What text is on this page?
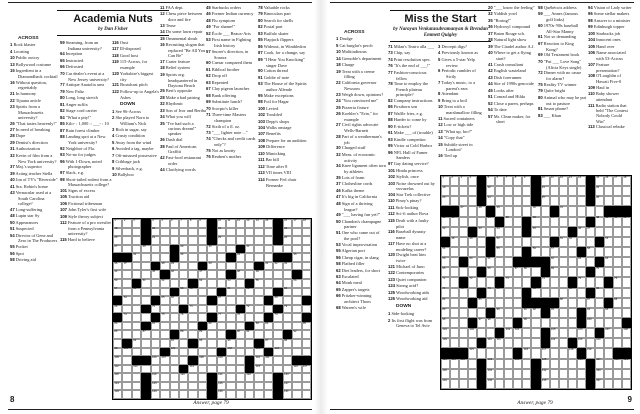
Academia Nuts
by Dan Fisher
ACROSS
1 Rock blaster
4 Locating
10 Public outcry
13 Bollywood costume
15 Ingredient in a Diamondback cocktail
16 Without question, regrettably
21 In harmony
22 Tijuana article
23 Spirits from a Massachusetts university?
26 "That tastes heavenly!"
27 In need of breaking
28 Dope
29 Dentist's direction
31 Authorization
32 Kevin of film from a New York university?
37 Maj.'s superior
39 Acting teacher Stella
40 Jon of TV's "Riverside"
41 Sra. Robin's home
43 Vernacular used at a South Carolina college?
47 Long-suffering
48 Lupin star Sy
50 Appearances
51 Suspected
54 Director of Gene and Zero in The Producers
55 Pocket
56 Spot
58 Driving aid
59 Steaming, from an Indiana university?
64 Inception
65 Instructed
66 Defrosted
70 Car dealer's event at a New Jersey university?
77 Antique Anatolia area
79 New Paltz
80 Long, long stretch
81 Anger suffix
82 Stage cord carrier
84 "What a pity!"
85 Kilo- : 1,000 :: ___- : 10
87 Rain forest climber
88 Landing spot at a New York university?
92 Neighbor of Fla.
93 No-no for judges
96 With 1-Down, noted photographer
97 Slack, e.g.
98 Short-tailed rodent from a Massachusetts college?
101 Signs of excess
105 Traction aid
106 Fictional tribesman
107 John Tyler's first wife
109 Style theory subject
112 Feature of a pro wrestler from a Pennsylvania university?
115 Hard to believe
116 Oust
117 Ill-disposed
118 Good host
119 115-Across, for example
120 Yorkshire's biggest city
121 Broadcast pitch
122 Follow-up to Angela's Ashes
DOWN
1 See 96-Across
2 She played Nora to William's Nick
3 Rich in sugar, say
4 Crusty condition
5 Away from the wind
6 Avoided a tag, maybe
7 Oft-misused possessive
8 Cribbage jack
9 Silverback, e.g.
10 Ballyhoo
11 FAA dept.
12 Chess piece between door and fire
13 Tease
14 Do some lawn repair
15 Ornamental shrub
16 Recruiting slogan that replaced "Be All You Can Be"
17 Crater feature
18 Belief system
19 Sports org. headquartered in Daytona Beach
25 Best's opposite
28 Make a bad pairing
32 Rhythmic
33 Son of Ivor and Bertha
34 What you will
35 "I've had such a curious dream!" speaker
36 Dash dial
38 Paul of American Graffiti
42 Fast-food restaurant order
44 Clarifying words
45 Starbucks orders
46 Former Indian currency
48 Flu symptom
49 "For shame!"
52 École ___ Beaux-Arts
53 First name in Fighting Irish history
57 Snorer's direction, in Sonora
60 Caesar compared them
61 Biblical brother
62 Drop off
63 Repeated
67 Clay pigeon launcher
68 Bank offering
69 Substitute lunch?
70 Scorpio's killer
71 Three-time Masters champion
72 Sixth of a fl. oz.
73 "___ lighter note ..."
74 "Checks and credit cards only"?
75 Not as knotty
76 Reuben's mother
78 Valuable rocks
79 Binoculars part
80 Search for shells
82 Postal part
83 Buffalo skater
85 Flapjack flippers
86 Wideout, in Wimbledon
87 Cook, for a change, say
89 "I Hear You Knocking" singer Dave
90 Cotton thread
91 Goldie of note
93 The House of the Spirits author Allende
95 Make exceptions
98 Foil for Hagar
100 Levied
102 Troubled
103 Depp's shops
104 Walks onstage
107 Benefits
108 Prepare for an audition
109 Difference
110 Mimicking
111 Bar bill
112 Time after 8
113 VII times VIII
114 Former Fed chair Bernanke
1	2	3	4	5	6	7	8	9	10 11 12 13 14 15	16 17 18
19	20	21	22
23	24	25	26
27	28	29	30	31
32	33	34	35
36 37	38 39	40	41 42 43
44	45	46	47	48	49
50	51	52	53	54	55	56
57	58	59 60	61	62	63
64	65 66	67	68
69	70	71	72	73
74	75	76	77	78	79
80	81	82	83 84	85
86	87	88	89	90 91	92
93	94	95	96	97	98
99 100	101	102	103	104
105	106 107	108	109	110 111
112	113	114	115	116 117
118	119	120	121	122	123
124	125	126	127
128	129	130	131
Answer, page 79
8
Miss the Start
by Narayan Venkatasubramanyan & Brendan Emmett Quigley
ACROSS
1 Drudge
5 Cat burglar's perch
10 Multitudinous
14 Grenoble's department
18 Charge
19 Treat with a creme filling
22 California governor Newsom
23 Weigh down, opinions?
24 "You convinced me"
25 Pizzeria fixture
26 Koehler's "Erin," for example
27 Civil rights advocate Wells-Barnett
28 Part of a weatherman's job
30 Charged stuff
32 Meas. of economic activity
34 Knee ligament often torn by athletes
35 Lots of foam
37 Clothesline cords
46 Kafka theme
47 It's big in California
48 Sign of a thriving league?
49 "___ having fun yet?"
50 Chandon's champagne partner
51 One who came out of the pool?
53 Vocal improvisation
55 Algerian port
56 Cheap cigar, in slang
58 Flatbed filler
62 Diet leaders, for short
63 Escalated
64 Monk meal
65 Zapper's targets
66 Pritzker-winning architect Thom
68 Warren's wife
71 Milan's Teatro alla ___
73 Chip, say
74 Print resolution spec.
76 "It's the end of ___!"
77 Fashion-conscious fellow
78 Time to employ the French plateau principle?
82 Company instructions
86 Firstborn son
87 Waffle fries, e.g.
88 Harder to come by
90 E-tickets?
91 Make ___ of (trouble)
93 Kindle competitor
95 Victor at Cold Harbor
96 NFL Hall of Famer Sanders
97 Gay dating service?
101 Hindu princess
102 Stylish, once
103 Noise drowned out by vuvuzelas
104 Star Trek collective
110 Pinoy's pinay?
111 Sick-looking
112 Sci-fi author Bova
115 Dealt with a faulty pilot
116 Baseball dynasty name
117 Have no shot at a modeling career?
120 Dwight beat him twice
121 Michael of Juno
122 Contemporaries
123 Quiet companion
124 Strong acid?
125 Woodworking aids
126 Woodworking aid
DOWN
1 Side-looking
2 Its first flight was from Geneva to Tel Aviv
3 Decrepit digs?
4 Previously known as
5 Gives a 5-star Yelp review
6 Periodic rumbler of Sicily
7 Today's music, to a parent's ears
8 Attendant
9 Bring to a boil
10 Treat with a marshmallow filling
11 Sacred containers
12 Low or high tide
13 "What up, bro?"
14 "Copy that"
15 Subtitle street in London?
16 Tied up
20 "___ know the feeling"
32 Yiddish yowl
35 "Boring!"
36 Hydroxyl compound
37 Baton Rouge sch.
38 Natural light show
39 The Citadel author A.J.
40 Where to get a flying start?
41 Crash consultant
42 English wasteland
43 Dish forerunner
44 Site of 1990s genocide
45 Looks after
51 Conrad and Hilda
52 Close a paren, perhaps
54 To date
57 Mr. Clean maker, for short
58 Québécois address
59 ___ Annes (famous golf links)
60 1970s-'80s baseball All-Star Manny
61 Not so demanding
67 Reaction to King Kong?
69 Old Testament book
70 "Put ___ Love Song" (Alicia Keys single)
72 Dinner with no cause for alarm?
75 Reality TV winner
79 Quite bright
80 Animal who may be put out to pasture
81 Smart phone?
83 ___ Khan
94 Vision of Lady writer
96 Some stellar makers
98 Answer to a minister
99 Edinburgh topper
100 Starbucks job
104 Innocent ones
105 Hand over
106 Name associated with 53-Across
107 Feature presentation?
108 O'Loughlin of Hawaii Five-0
109 Haul in
110 Baby shower attendant
111 Radio station that held "The Contest Nobody Could Win"
113 Classical rebuke
1	2	3	4	5	6	7	8	9	10 11 12 13 14	15 16 17 18
19	20	21	22
23	24	25	26
27	28	29	30	31
32 33	34	35	36	37	38 39 40 41
42	43	44	45	46 47
48	49	50	51 52	53
54	55	56	57	58
59	60	61	62	63	64
65	66	67 68	69	70
71	72	73	74	75	76
77	78	79 80	81	82	83
84	85	86	87	88
89	90	91 92	93	94	95
96	97 98	99	100
101	102	103 104	105	106	107	108
109	110 111	112	113	114
115	116	117	118	119
120 121 122	123	124	125	126	127	128 129
130	131	132	133
134	135	136	137
Answer, page 79	9
